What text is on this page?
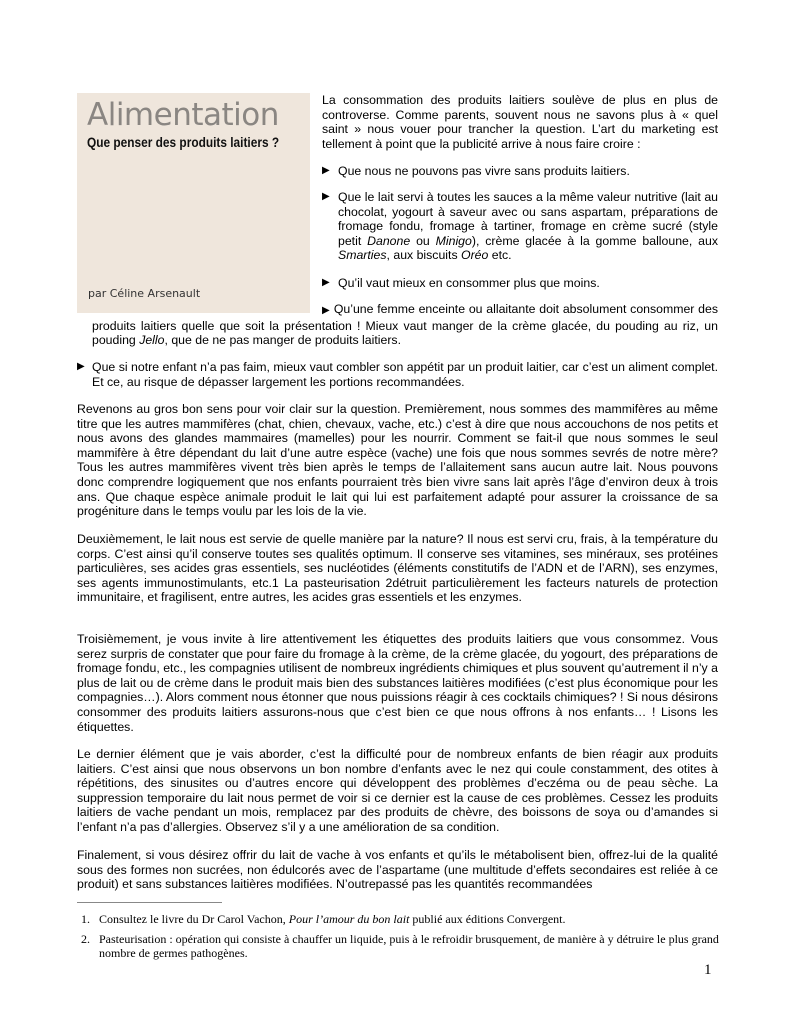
Alimentation
Que penser des produits laitiers ?
par Céline Arsenault
La consommation des produits laitiers soulève de plus en plus de controverse. Comme parents, souvent nous ne savons plus à « quel saint » nous vouer pour trancher la question. L’art du marketing est tellement à point que la publicité arrive à nous faire croire :
▶ Que nous ne pouvons pas vivre sans produits laitiers.
▶ Que le lait servi à toutes les sauces a la même valeur nutritive (lait au chocolat, yogourt à saveur avec ou sans aspartam, préparations de fromage fondu, fromage à tartiner, fromage en crème sucré (style petit Danone ou Minigo), crème glacée à la gomme balloune, aux Smarties, aux biscuits Oréo etc.
▶ Qu’il vaut mieux en consommer plus que moins.
▶ Qu’une femme enceinte ou allaitante doit absolument consommer des produits laitiers quelle que soit la présentation ! Mieux vaut manger de la crème glacée, du pouding au riz, un pouding Jello, que de ne pas manger de produits laitiers.
▶ Que si notre enfant n’a pas faim, mieux vaut combler son appétit par un produit laitier, car c’est un aliment complet. Et ce, au risque de dépasser largement les portions recommandées.
Revenons au gros bon sens pour voir clair sur la question. Premièrement, nous sommes des mammifères au même titre que les autres mammifères (chat, chien, chevaux, vache, etc.) c’est à dire que nous accouchons de nos petits et nous avons des glandes mammaires (mamelles) pour les nourrir. Comment se fait-il que nous sommes le seul mammifère à être dépendant du lait d’une autre espèce (vache) une fois que nous sommes sevrés de notre mère? Tous les autres mammifères vivent très bien après le temps de l’allaitement sans aucun autre lait. Nous pouvons donc comprendre logiquement que nos enfants pourraient très bien vivre sans lait après l’âge d’environ deux à trois ans. Que chaque espèce animale produit le lait qui lui est parfaitement adapté pour assurer la croissance de sa progéniture dans le temps voulu par les lois de la vie.
Deuxièmement, le lait nous est servie de quelle manière par la nature? Il nous est servi cru, frais, à la température du corps. C’est ainsi qu’il conserve toutes ses qualités optimum. Il conserve ses vitamines, ses minéraux, ses protéines particulières, ses acides gras essentiels, ses nucléotides (éléments constitutifs de l’ADN et de l’ARN), ses enzymes, ses agents immunostimulants, etc.1 La pasteurisation 2détruit particulièrement les facteurs naturels de protection immunitaire, et fragilisent, entre autres, les acides gras essentiels et les enzymes.
Troisièmement, je vous invite à lire attentivement les étiquettes des produits laitiers que vous consommez. Vous serez surpris de constater que pour faire du fromage à la crème, de la crème glacée, du yogourt, des préparations de fromage fondu, etc., les compagnies utilisent de nombreux ingrédients chimiques et plus souvent qu’autrement il n’y a plus de lait ou de crème dans le produit mais bien des substances laitières modifiées (c’est plus économique pour les compagnies…). Alors comment nous étonner que nous puissions réagir à ces cocktails chimiques? ! Si nous désirons consommer des produits laitiers assurons-nous que c’est bien ce que nous offrons à nos enfants… ! Lisons les étiquettes.
Le dernier élément que je vais aborder, c’est la difficulté pour de nombreux enfants de bien réagir aux produits laitiers. C’est ainsi que nous observons un bon nombre d’enfants avec le nez qui coule constamment, des otites à répétitions, des sinusites ou d’autres encore qui développent des problèmes d’eczéma ou de peau sèche. La suppression temporaire du lait nous permet de voir si ce dernier est la cause de ces problèmes. Cessez les produits laitiers de vache pendant un mois, remplacez par des produits de chèvre, des boissons de soya ou d’amandes si l’enfant n’a pas d’allergies. Observez s’il y a une amélioration de sa condition.
Finalement, si vous désirez offrir du lait de vache à vos enfants et qu’ils le métabolisent bien, offrez-lui de la qualité sous des formes non sucrées, non édulcorés avec de l’aspartame (une multitude d’effets secondaires est reliée à ce produit) et sans substances laitières modifiées. N’outrepassé pas les quantités recommandées
1. Consultez le livre du Dr Carol Vachon, Pour l’amour du bon lait publié aux éditions Convergent.
2. Pasteurisation : opération qui consiste à chauffer un liquide, puis à le refroidir brusquement, de manière à y détruire le plus grand nombre de germes pathogènes.
1
